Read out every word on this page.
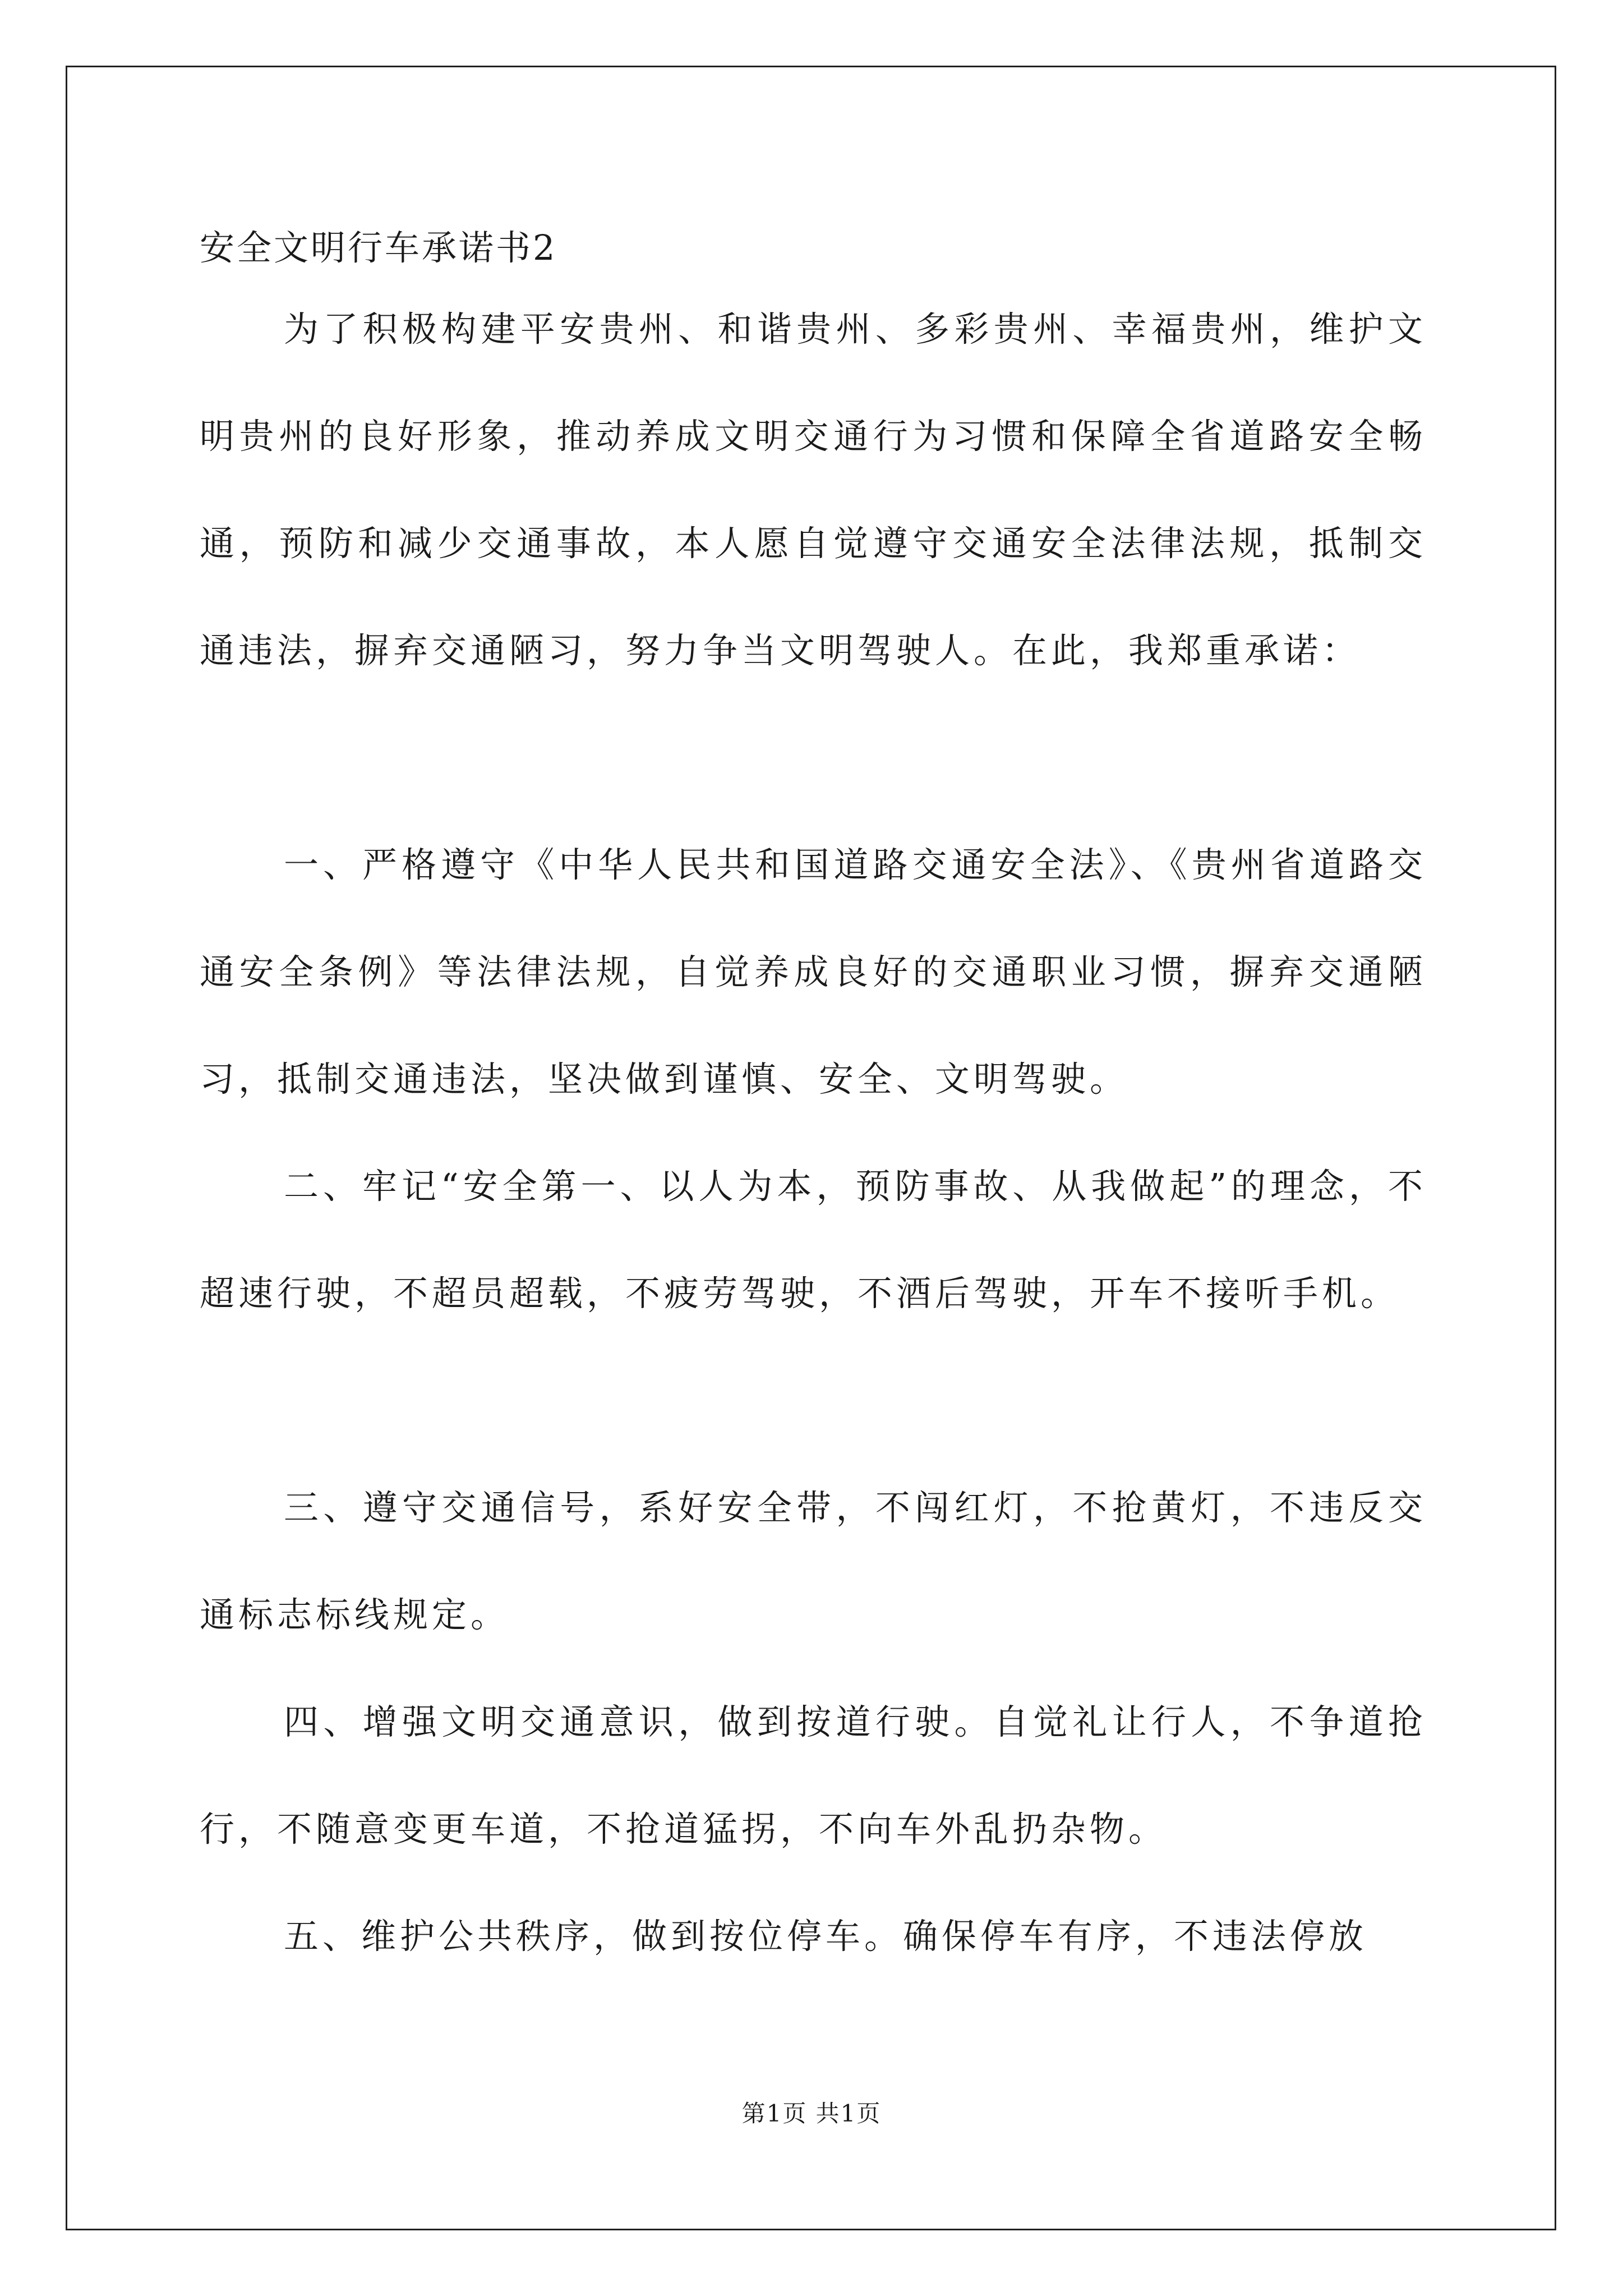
安全文明行车承诺书2

为了积极构建平安贵州、和谐贵州、多彩贵州、幸福贵州，维护文明贵州的良好形象，推动养成文明交通行为习惯和保障全省道路安全畅通，预防和减少交通事故，本人愿自觉遵守交通安全法律法规，抵制交通违法，摒弃交通陋习，努力争当文明驾驶人。在此，我郑重承诺：

一、严格遵守《中华人民共和国道路交通安全法》、《贵州省道路交通安全条例》等法律法规，自觉养成良好的交通职业习惯，摒弃交通陋习，抵制交通违法，坚决做到谨慎、安全、文明驾驶。

二、牢记“安全第一、以人为本，预防事故、从我做起”的理念，不超速行驶，不超员超载，不疲劳驾驶，不酒后驾驶，开车不接听手机。

三、遵守交通信号，系好安全带，不闯红灯，不抢黄灯，不违反交通标志标线规定。

四、增强文明交通意识，做到按道行驶。自觉礼让行人，不争道抢行，不随意变更车道，不抢道猛拐，不向车外乱扔杂物。

五、维护公共秩序，做到按位停车。确保停车有序，不违法停放

第1页 共1页
